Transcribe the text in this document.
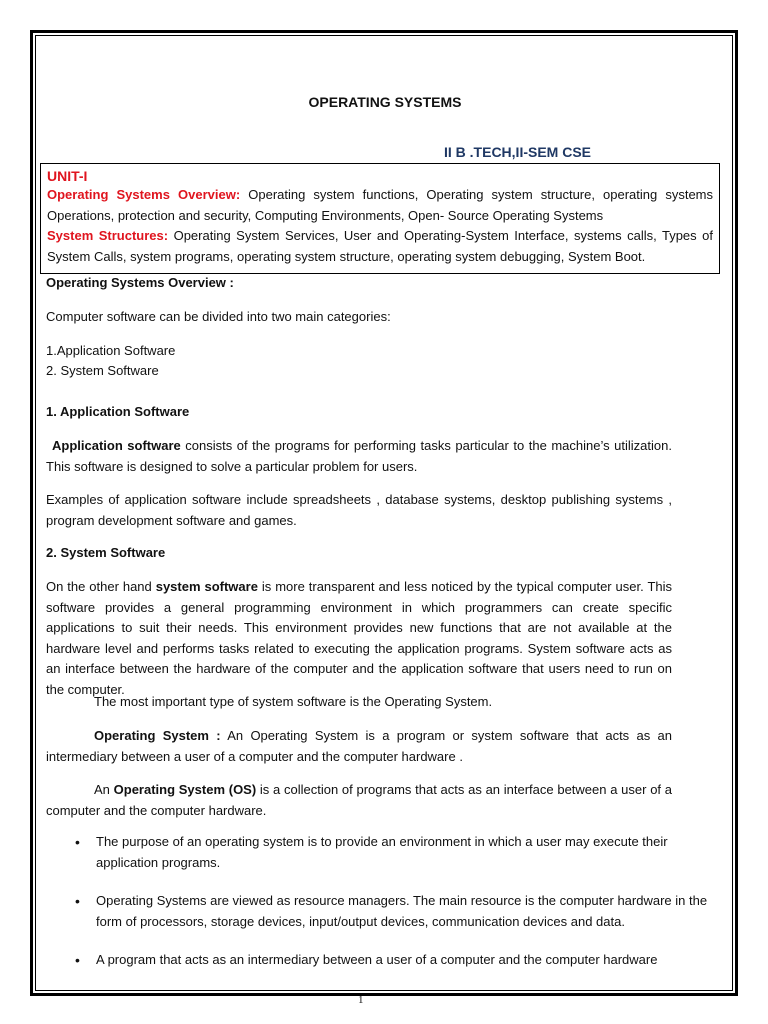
OPERATING SYSTEMS
II B .TECH,II-SEM CSE
UNIT-I
Operating Systems Overview: Operating system functions, Operating system structure, operating systems Operations, protection and security, Computing Environments, Open- Source Operating Systems
System Structures: Operating System Services, User and Operating-System Interface, systems calls, Types of System Calls, system programs, operating system structure, operating system debugging, System Boot.
Operating Systems Overview :
Computer software can be divided into two main categories:
1.Application Software
2. System Software
1. Application Software
Application software consists of the programs for performing tasks particular to the machine’s utilization. This software is designed to solve a particular problem for users.
Examples of application software include spreadsheets , database systems, desktop publishing systems , program development software and games.
2. System Software
On the other hand system software is more transparent and less noticed by the typical computer user. This software provides a general programming environment in which programmers can create specific applications to suit their needs. This environment provides new functions that are not available at the hardware level and performs tasks related to executing the application programs. System software acts as an interface between the hardware of the computer and the application software that users need to run on the computer.
The most important type of system software is the Operating System.
Operating System : An Operating System is a program or system software that acts as an intermediary between a user of a computer and the computer hardware .
An Operating System (OS) is a collection of programs that acts as an interface between a user of a computer and the computer hardware.
• The purpose of an operating system is to provide an environment in which a user may execute their application programs.
• Operating Systems are viewed as resource managers. The main resource is the computer hardware in the form of processors, storage devices, input/output devices, communication devices and data.
• A program that acts as an intermediary between a user of a computer and the computer hardware
1
